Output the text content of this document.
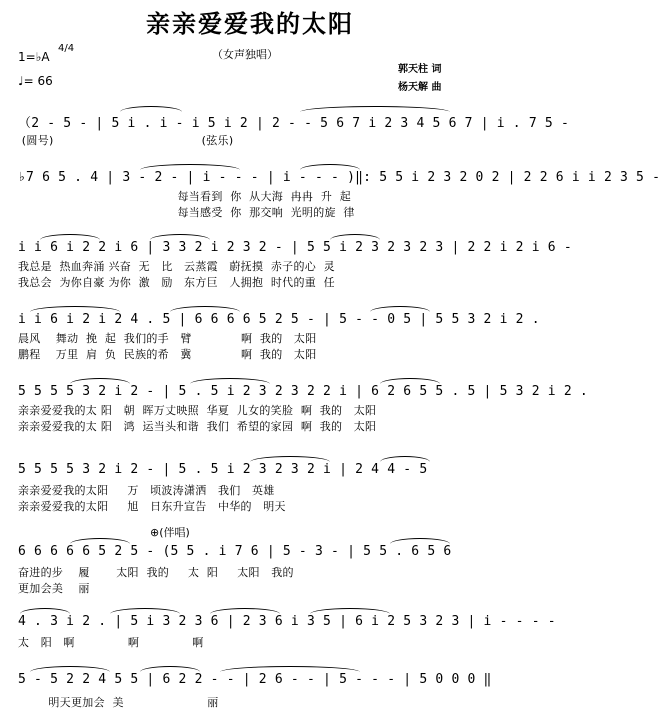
亲亲爱爱我的太阳
（女声独唱）
1=♭A
4/4
♩= 66
郭天柱 词
杨天解 曲
（2 - 5 - | 5 i . i - i 5 i 2 | 2 - - 5 6 7 i 2 3 4 5 6 7 | i . 7 5 -
(圆号)                                       (弦乐)
♭7 6 5 . 4 | 3 - 2 - | i - - - | i - - - )‖: 5 5 i 2 3 2 0 2 | 2 2 6 i i 2 3 5 -
每当看到  你  从大海  冉冉  升  起
每当感受  你  那交响  光明的旋  律
i i 6 i 2 2 i 6 | 3 3 2 i 2 3 2 - | 5 5 i 2 3 2 3 2 3 | 2 2 i 2 i 6 -
我总是  热血奔涌 兴奋  无   比   云蒸霞   蔚抚摸  赤子的心  灵
我总会  为你自豪 为你  激   励   东方巨   人拥抱  时代的重  任
i i 6 i 2 i 2 4 . 5 | 6 6 6 6 5 2 5 - | 5 - - 0 5 | 5 5 3 2 i 2 .
晨风    舞动  挽  起  我们的手   臂             啊  我的   太阳
鹏程    万里  肩  负  民族的希   冀             啊  我的   太阳
5 5 5 5 3 2 i 2 - | 5 . 5 i 2 3 2 3 2 2 i | 6 2 6 5 5 . 5 | 5 3 2 i 2 .
亲亲爱爱我的太 阳   朝  晖万丈映照  华夏  儿女的笑脸  啊  我的   太阳
亲亲爱爱我的太 阳   鸿  运当头和谐  我们  希望的家园  啊  我的   太阳
5 5 5 5 3 2 i 2 - | 5 . 5 i 2 3 2 3 2 i | 2 4 4 - 5
亲亲爱爱我的太阳     万   顷波涛潇洒   我们   英雄
亲亲爱爱我的太阳     旭   日东升宣告   中华的   明天
⊕(伴唱)
6 6 6 6 6 5 2 5 - (5 5 . i 7 6 | 5 - 3 - | 5 5 . 6 5 6
奋进的步    履       太阳  我的     太  阳     太阳   我的
更加会美    丽
4 . 3 i 2 . | 5 i 3 2 3 6 | 2 3 6 i 3 5 | 6 i 2 5 3 2 3 | i - - - -
太   阳   啊              啊              啊
5 - 5 2 2 4 5 5 | 6 2 2 - - | 2 6 - - | 5 - - - | 5 0 0 0 ‖
明天更加会  美                      丽
